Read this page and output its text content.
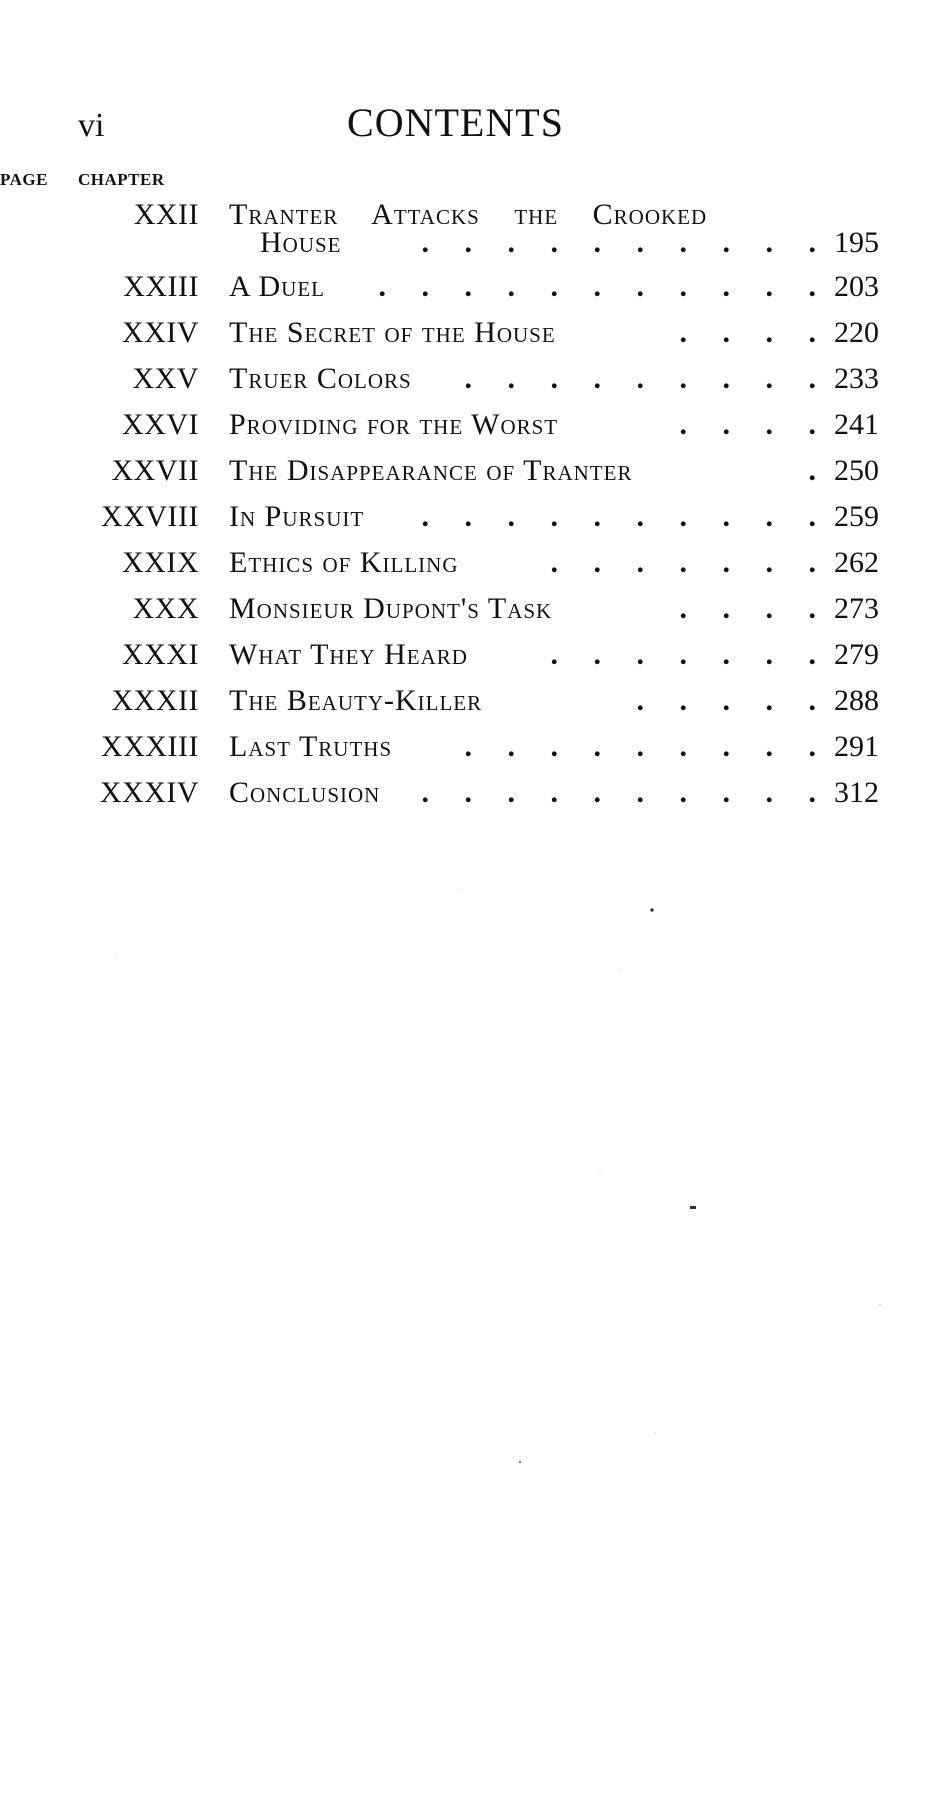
vi	CONTENTS
CHAPTER
PAGE
XXII Tranter Attacks the Crooked
House	. . . . . . . . . . 195
XXIII A Duel . . . . . . . . . . . 203
XXIV The Secret of the House	. . . . 220
XXV Truer Colors . . . . . . . . . 233
XXVI Providing for the Worst	. . . . 241
XXVII The Disappearance of Tranter	. 250
XXVIII In Pursuit . . . . . . . . . . 259
XXIX Ethics of Killing	. . . . . . . 262
XXX Monsieur Dupont's Task	. . . . 273
XXXI What They Heard	. . . . . . . 279
XXXII The Beauty-Killer	. . . . . 288
XXXIII Last Truths . . . . . . . . . 291
XXXIV Conclusion . . . . . . . . . . 312
